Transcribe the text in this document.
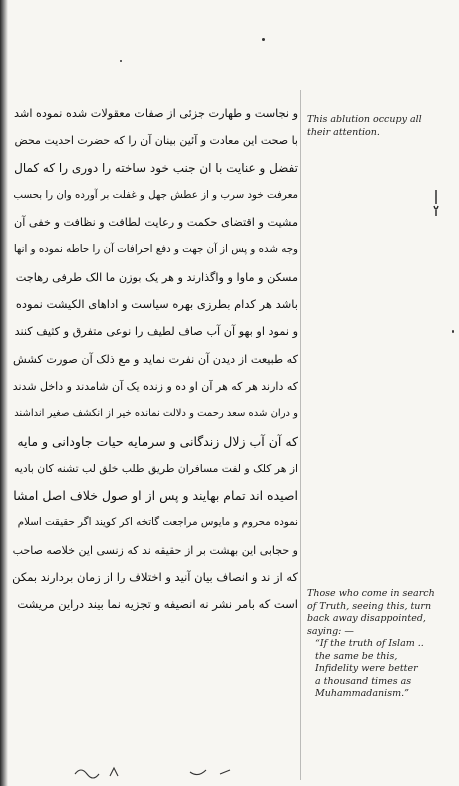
و نجاست و طهارت جزئی از صفات معقولات شده نموده اشد
با صحت این معادت و آئین بینان آن را که حضرت احدیت محض
تفضل و عنایت با ان جنب خود ساخته را دوری را که کمال
معرفت خود سرب و از عطش جهل و غفلت بر آورده وان را بحسب
مشیت و اقتضای حکمت و رعایت لطافت و نظافت و خفی آن
وجه شده و پس از آن جهت و دفع احرافات آن را حاطه نموده و انها
مسکن و ماوا و واگذارند و هر یک بوزن ما الک طرفی رهاجت
باشد هر کدام بطرزی بهره سیاست و اداهای الکیشت نموده
و نمود او بهو آن آب صاف لطیف را نوعی متفرق و کثیف کنند
که طبیعت از دیدن آن نفرت نماید و مع ذلک آن صورت کشش
که دارند هر که هر آن او ده و زنده یک آن شامدند و داخل شدند
و دران شده سعد رحمت و دلالت نمانده خیر از انکشف صغیر انداشند
که آن آب زلال زندگانی و سرمایه حیات جاودانی و مایه
از هر کلک و لفت مسافران طریق طلب خلق لب تشنه کان بادیه
اصیده اند تمام بهایند و پس از او صول خلاف اصل امشا
نموده محروم و مایوس مراجعت گاتخه اکر کویند اگر حقیقت اسلام
و حجابی این بهشت بر از حقیقه ند که زنسی این خلاصه صاحب
که از ند و انصاف بیان آنید و اختلاف را از زمان بردارند بمکن
است که بامر نشر نه انصیفه و تجزیه نما بیند دراین مریشت
This ablution occupy all
their attention.
Those who come in search
of Truth, seeing this, turn
back away disappointed,
saying: —
“If the truth of Islam ..
the same be this,
Infidelity were better
a thousand times as
Muhammadanism.”
